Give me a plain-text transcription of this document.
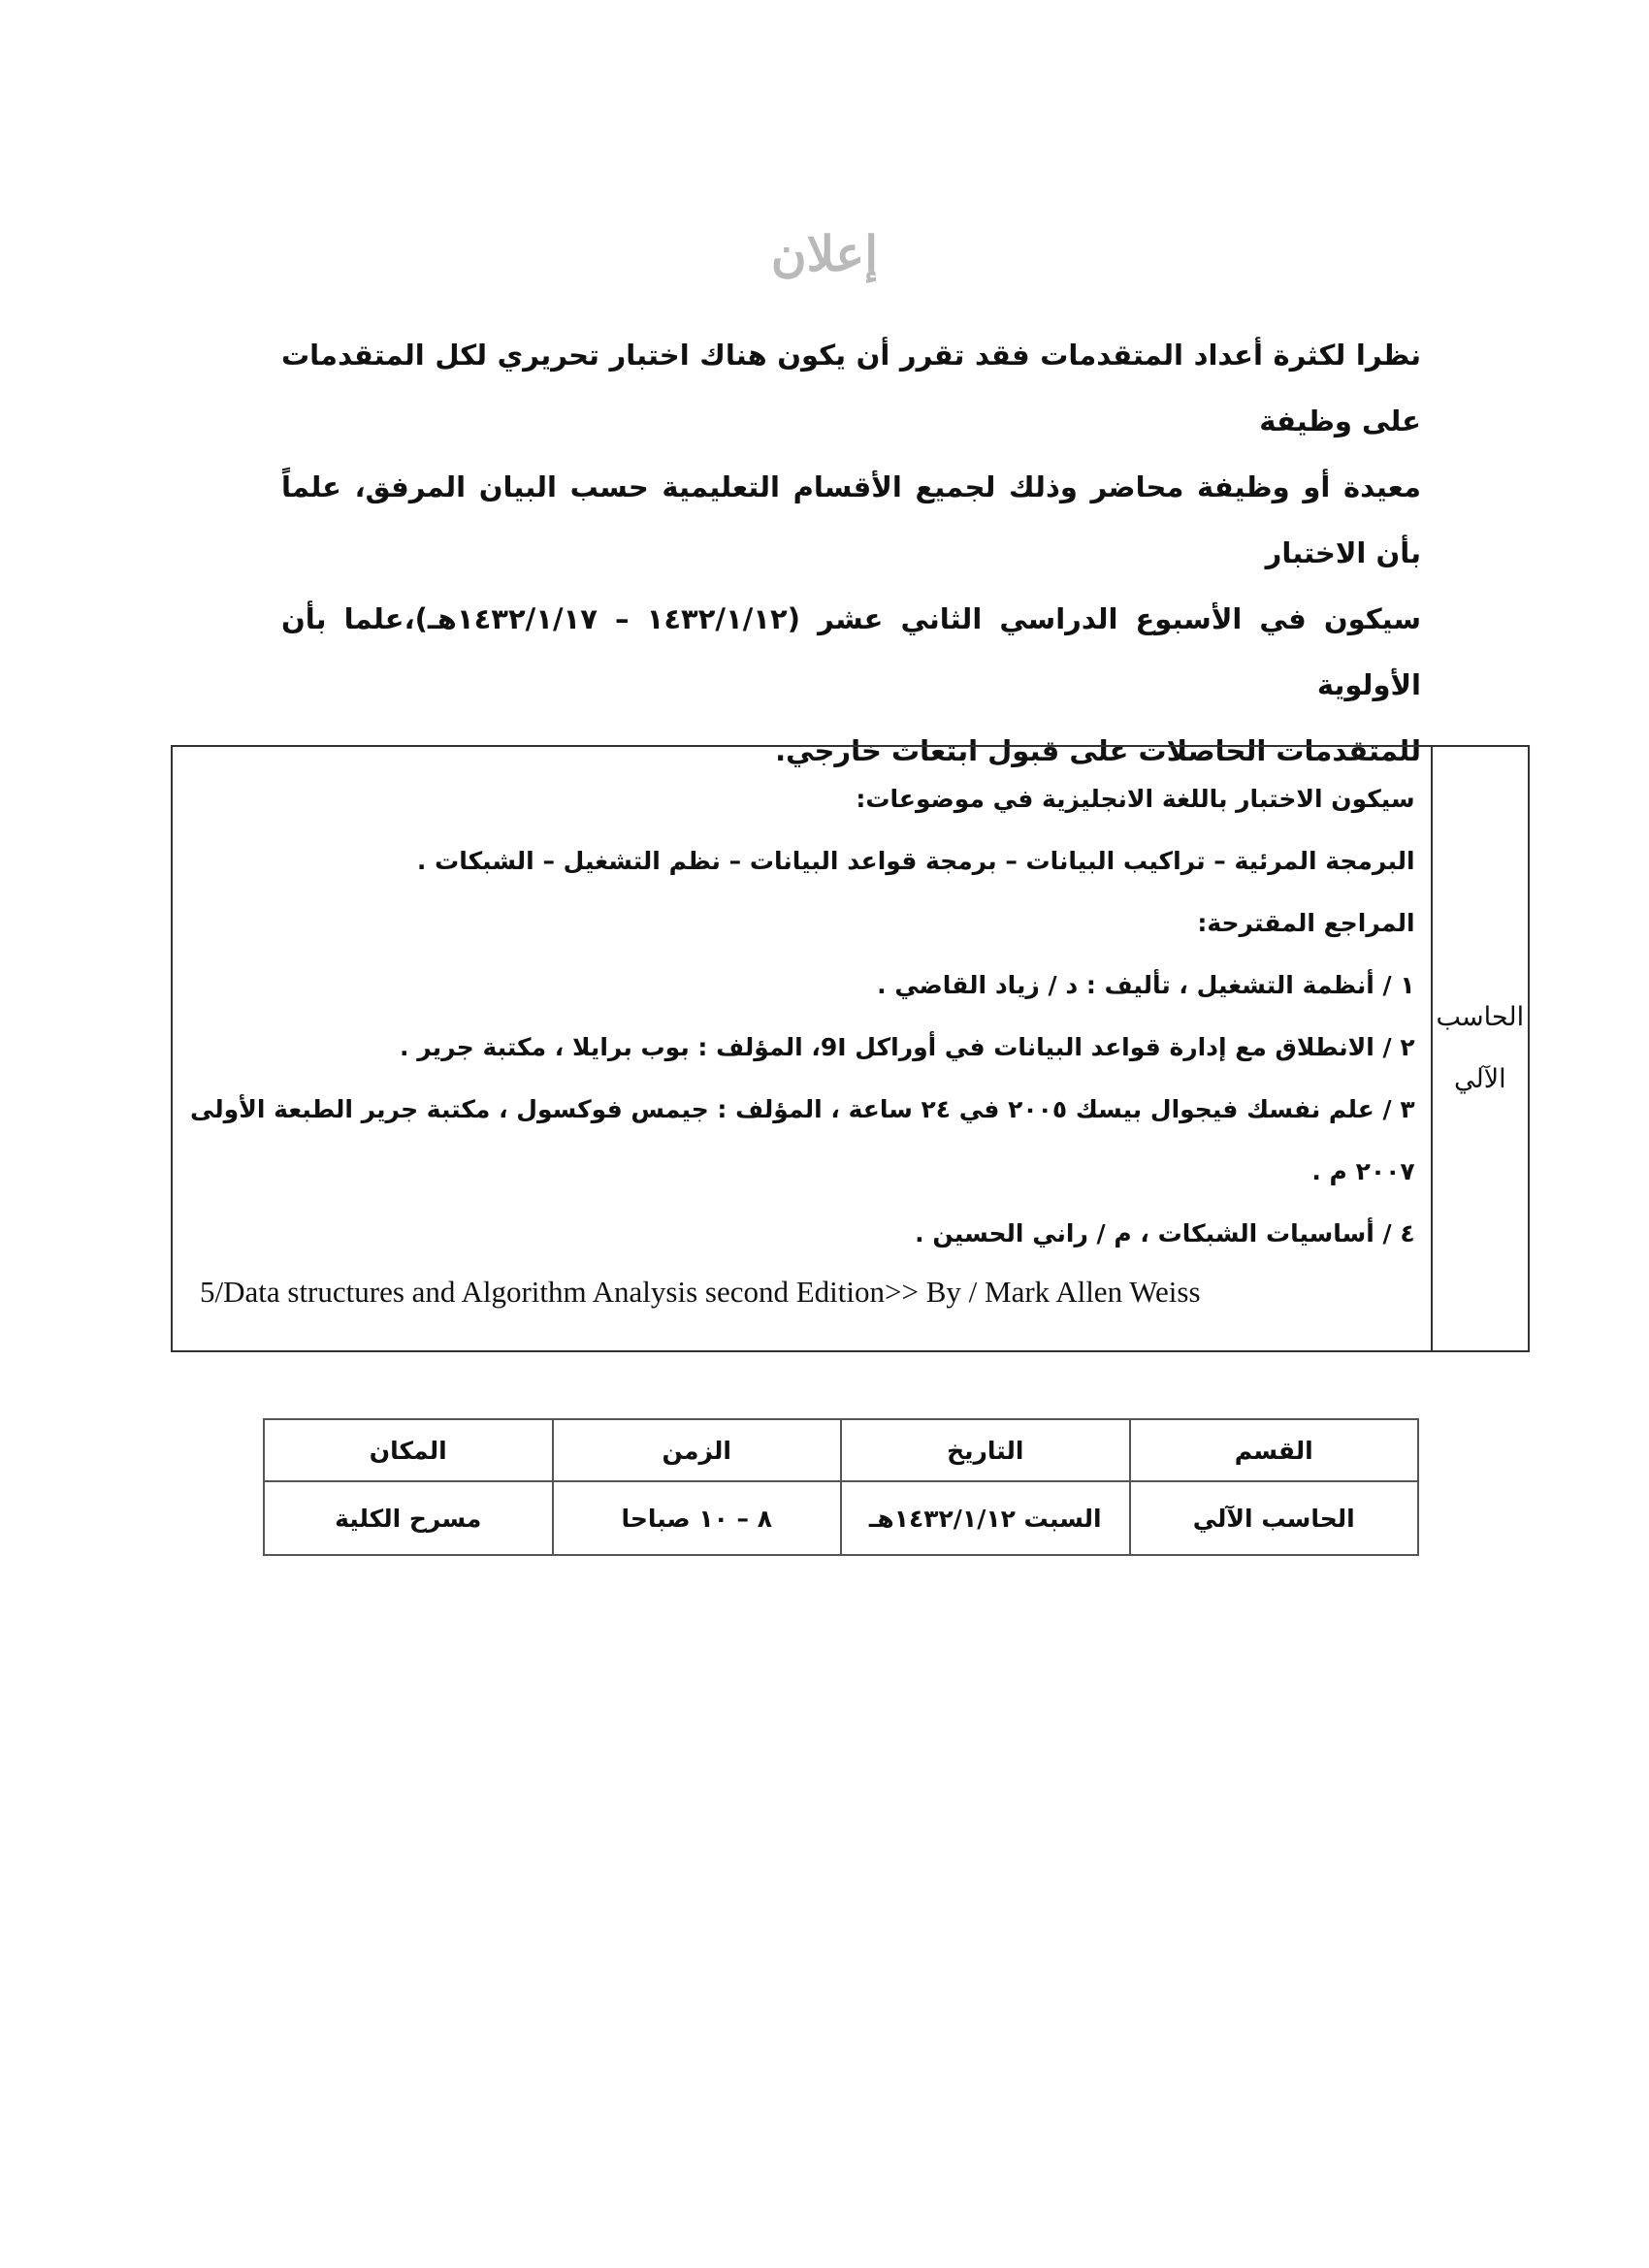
إعلان

نظرا لكثرة أعداد المتقدمات فقد تقرر أن يكون هناك اختبار تحريري لكل المتقدمات على وظيفة

معيدة أو وظيفة محاضر وذلك لجميع الأقسام التعليمية حسب البيان المرفق، علماً بأن الاختبار

سيكون في الأسبوع الدراسي الثاني عشر (١٤٣٢/١/١٢ – ١٤٣٢/١/١٧هـ)،علما بأن الأولوية

للمتقدمات الحاصلات على قبول ابتعاث خارجي.

الحاسب
الآلي
سيكون الاختبار باللغة الانجليزية في موضوعات:
البرمجة المرئية – تراكيب البيانات – برمجة قواعد البيانات – نظم التشغيل – الشبكات .
المراجع المقترحة:
١ / أنظمة التشغيل ، تأليف : د / زياد القاضي .
٢ / الانطلاق مع إدارة قواعد البيانات في أوراكل 9I، المؤلف : بوب برايلا ، مكتبة جرير .
٣ / علم نفسك فيجوال بيسك ٢٠٠٥ في ٢٤ ساعة ، المؤلف : جيمس فوكسول ، مكتبة جرير الطبعة الأولى
٢٠٠٧ م .
٤ / أساسيات الشبكات ، م / راني الحسين .
5/Data structures and Algorithm Analysis second Edition>> By / Mark Allen Weiss
القسم	التاريخ	الزمن	المكان
الحاسب الآلي	السبت ١٤٣٢/١/١٢هـ	٨ – ١٠ صباحا	مسرح الكلية
